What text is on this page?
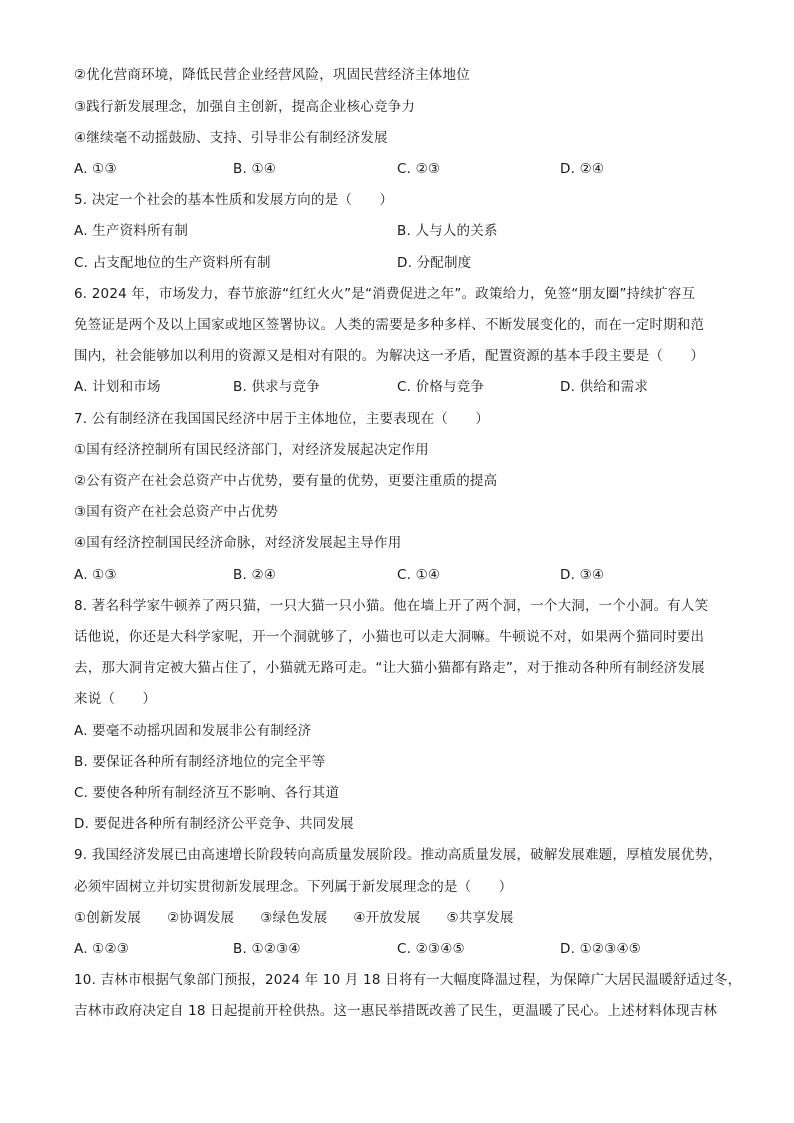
②优化营商环境，降低民营企业经营风险，巩固民营经济主体地位
③践行新发展理念，加强自主创新，提高企业核心竞争力
④继续毫不动摇鼓励、支持、引导非公有制经济发展
A. ①③	B. ①④	C. ②③	D. ②④
5. 决定一个社会的基本性质和发展方向的是（　　）
A. 生产资料所有制	B. 人与人的关系
C. 占支配地位的生产资料所有制	D. 分配制度
6. 2024 年，市场发力，春节旅游“红红火火”是“消费促进之年”。政策给力，免签“朋友圈”持续扩容互
免签证是两个及以上国家或地区签署协议。人类的需要是多种多样、不断发展变化的，而在一定时期和范
围内，社会能够加以利用的资源又是相对有限的。为解决这一矛盾，配置资源的基本手段主要是（　　）
A. 计划和市场	B. 供求与竞争	C. 价格与竞争	D. 供给和需求
7. 公有制经济在我国国民经济中居于主体地位，主要表现在（　　）
①国有经济控制所有国民经济部门，对经济发展起决定作用
②公有资产在社会总资产中占优势，要有量的优势，更要注重质的提高
③国有资产在社会总资产中占优势
④国有经济控制国民经济命脉，对经济发展起主导作用
A. ①③	B. ②④	C. ①④	D. ③④
8. 著名科学家牛顿养了两只猫，一只大猫一只小猫。他在墙上开了两个洞，一个大洞，一个小洞。有人笑
话他说，你还是大科学家呢，开一个洞就够了，小猫也可以走大洞嘛。牛顿说不对，如果两个猫同时要出
去，那大洞肯定被大猫占住了，小猫就无路可走。“让大猫小猫都有路走”，对于推动各种所有制经济发展
来说（　　）
A. 要毫不动摇巩固和发展非公有制经济
B. 要保证各种所有制经济地位的完全平等
C. 要使各种所有制经济互不影响、各行其道
D. 要促进各种所有制经济公平竞争、共同发展
9. 我国经济发展已由高速增长阶段转向高质量发展阶段。推动高质量发展，破解发展难题，厚植发展优势，
必须牢固树立并切实贯彻新发展理念。下列属于新发展理念的是（　　）
①创新发展 ②协调发展 ③绿色发展 ④开放发展 ⑤共享发展
A. ①②③	B. ①②③④	C. ②③④⑤	D. ①②③④⑤
10. 吉林市根据气象部门预报，2024 年 10 月 18 日将有一大幅度降温过程，为保障广大居民温暖舒适过冬，
吉林市政府决定自 18 日起提前开栓供热。这一惠民举措既改善了民生，更温暖了民心。上述材料体现吉林
